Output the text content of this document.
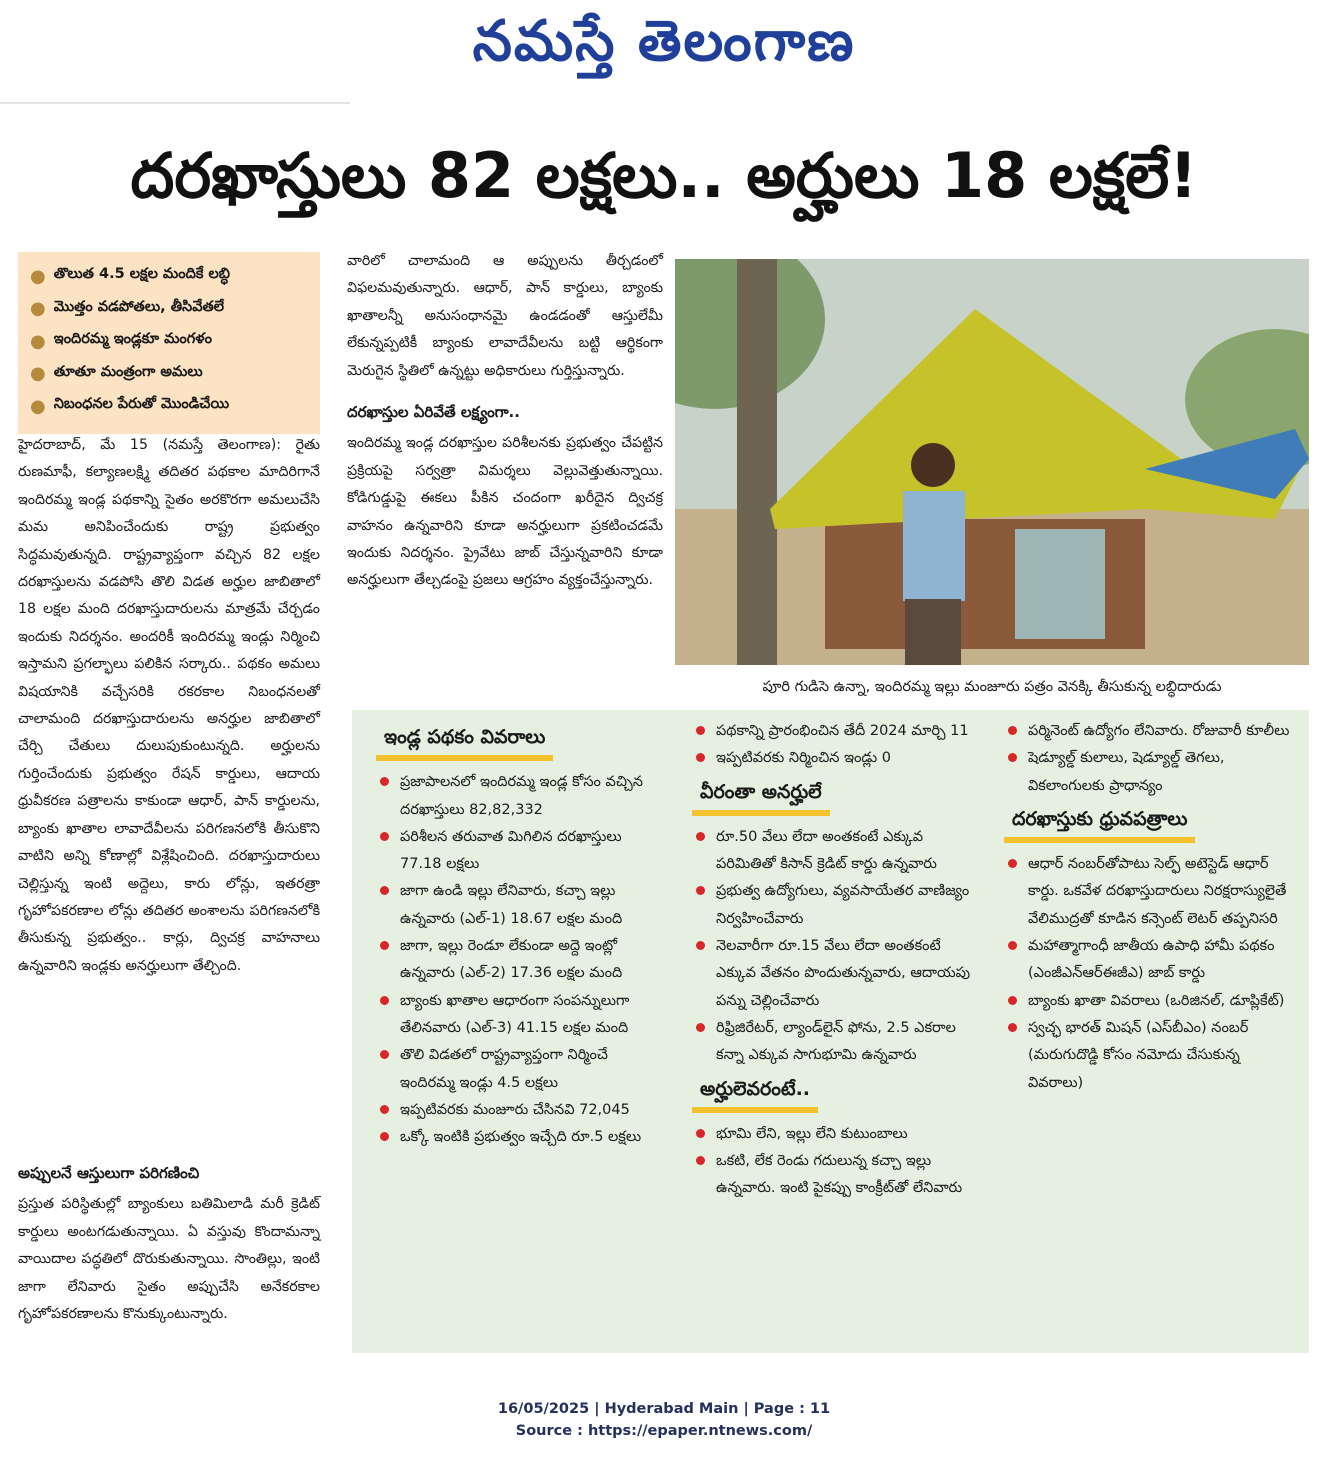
నమస్తే తెలంగాణ
దరఖాస్తులు 82 లక్షలు.. అర్హులు 18 లక్షలే!
● తొలుత 4.5 లక్షల మందికే లబ్ధి
● మొత్తం వడపోతలు, తీసివేతలే
● ఇందిరమ్మ ఇండ్లకూ మంగళం
● తూతూ మంత్రంగా అమలు
● నిబంధనల పేరుతో మొండిచేయి

హైదరాబాద్, మే 15 (నమస్తే తెలంగాణ): రైతు రుణమాఫీ, కల్యాణలక్ష్మి తదితర పథకాల మాదిరిగానే ఇందిరమ్మ ఇండ్ల పథకాన్ని సైతం అరకొరగా అమలుచేసి మమ అనిపించేందుకు రాష్ట్ర ప్రభుత్వం సిద్ధమవుతున్నది. రాష్ట్రవ్యాప్తంగా వచ్చిన 82 లక్షల దరఖాస్తులను వడపోసి తొలి విడత అర్హుల జాబితాలో 18 లక్షల మంది దరఖాస్తుదారులను మాత్రమే చేర్చడం ఇందుకు నిదర్శనం. అందరికీ ఇందిరమ్మ ఇండ్లు నిర్మించి ఇస్తామని ప్రగల్భాలు పలికిన సర్కారు.. పథకం అమలు విషయానికి వచ్చేసరికి రకరకాల నిబంధనలతో చాలామంది దరఖాస్తుదారులను అనర్హుల జాబితాలో చేర్చి చేతులు దులుపుకుంటున్నది. అర్హులను గుర్తించేందుకు ప్రభుత్వం రేషన్ కార్డులు, ఆదాయ ధ్రువీకరణ పత్రాలను కాకుండా ఆధార్, పాన్ కార్డులను, బ్యాంకు ఖాతాల లావాదేవీలను పరిగణనలోకి తీసుకొని వాటిని అన్ని కోణాల్లో విశ్లేషించింది. దరఖాస్తుదారులు చెల్లిస్తున్న ఇంటి అద్దెలు, కారు లోన్లు, ఇతరత్రా గృహోపకరణాల లోన్లు తదితర అంశాలను పరిగణనలోకి తీసుకున్న ప్రభుత్వం.. కార్లు, ద్విచక్ర వాహనాలు ఉన్నవారిని ఇండ్లకు అనర్హులుగా తేల్చింది.

అప్పులనే ఆస్తులుగా పరిగణించి

ప్రస్తుత పరిస్థితుల్లో బ్యాంకులు బతిమిలాడి మరీ క్రెడిట్ కార్డులు అంటగడుతున్నాయి. ఏ వస్తువు కొందామన్నా వాయిదాల పద్ధతిలో దొరుకుతున్నాయి. సొంతిల్లు, ఇంటి జాగా లేనివారు సైతం అప్పుచేసి అనేకరకాల గృహోపకరణాలను కొనుక్కుంటున్నారు.

వారిలో చాలామంది ఆ అప్పులను తీర్చడంలో విఫలమవుతున్నారు. ఆధార్, పాన్ కార్డులు, బ్యాంకు ఖాతాలన్నీ అనుసంధానమై ఉండడంతో ఆస్తులేమీ లేకున్నప్పటికీ బ్యాంకు లావాదేవీలను బట్టి ఆర్థికంగా మెరుగైన స్థితిలో ఉన్నట్టు అధికారులు గుర్తిస్తున్నారు.

దరఖాస్తుల ఏరివేతే లక్ష్యంగా..

ఇందిరమ్మ ఇండ్ల దరఖాస్తుల పరిశీలనకు ప్రభుత్వం చేపట్టిన ప్రక్రియపై సర్వత్రా విమర్శలు వెల్లువెత్తుతున్నాయి. కోడిగుడ్డుపై ఈకలు పీకిన చందంగా ఖరీదైన ద్విచక్ర వాహనం ఉన్నవారిని కూడా అనర్హులుగా ప్రకటించడమే ఇందుకు నిదర్శనం. ప్రైవేటు జాబ్ చేస్తున్నవారిని కూడా అనర్హులుగా తేల్చడంపై ప్రజలు ఆగ్రహం వ్యక్తంచేస్తున్నారు.

పూరి గుడిసె ఉన్నా, ఇందిరమ్మ ఇల్లు మంజూరు పత్రం వెనక్కి తీసుకున్న లబ్ధిదారుడు
ఇండ్ల పథకం వివరాలు
ప్రజాపాలనలో ఇందిరమ్మ ఇండ్ల కోసం వచ్చిన దరఖాస్తులు 82,82,332
పరిశీలన తరువాత మిగిలిన దరఖాస్తులు 77.18 లక్షలు
జాగా ఉండి ఇల్లు లేనివారు, కచ్చా ఇల్లు ఉన్నవారు (ఎల్-1) 18.67 లక్షల మంది
జాగా, ఇల్లు రెండూ లేకుండా అద్దె ఇంట్లో ఉన్నవారు (ఎల్-2) 17.36 లక్షల మంది
బ్యాంకు ఖాతాల ఆధారంగా సంపన్నులుగా తేలినవారు (ఎల్-3) 41.15 లక్షల మంది
తొలి విడతలో రాష్ట్రవ్యాప్తంగా నిర్మించే ఇందిరమ్మ ఇండ్లు 4.5 లక్షలు
ఇప్పటివరకు మంజూరు చేసినవి 72,045
ఒక్కో ఇంటికి ప్రభుత్వం ఇచ్చేది రూ.5 లక్షలు
పథకాన్ని ప్రారంభించిన తేదీ 2024 మార్చి 11
ఇప్పటివరకు నిర్మించిన ఇండ్లు 0
వీరంతా అనర్హులే
రూ.50 వేలు లేదా అంతకంటే ఎక్కువ పరిమితితో కిసాన్ క్రెడిట్ కార్డు ఉన్నవారు
ప్రభుత్వ ఉద్యోగులు, వ్యవసాయేతర వాణిజ్యం నిర్వహించేవారు
నెలవారీగా రూ.15 వేలు లేదా అంతకంటే ఎక్కువ వేతనం పొందుతున్నవారు, ఆదాయపు పన్ను చెల్లించేవారు
రిఫ్రిజిరేటర్, ల్యాండ్‌లైన్ ఫోను, 2.5 ఎకరాల కన్నా ఎక్కువ సాగుభూమి ఉన్నవారు
అర్హులెవరంటే..
భూమి లేని, ఇల్లు లేని కుటుంబాలు
ఒకటి, లేక రెండు గదులున్న కచ్చా ఇల్లు ఉన్నవారు. ఇంటి పైకప్పు కాంక్రీట్‌తో లేనివారు
పర్మినెంట్ ఉద్యోగం లేనివారు. రోజువారీ కూలీలు
షెడ్యూల్డ్ కులాలు, షెడ్యూల్డ్ తెగలు, వికలాంగులకు ప్రాధాన్యం
దరఖాస్తుకు ధ్రువపత్రాలు
ఆధార్ నంబర్‌తోపాటు సెల్ఫ్ అటెస్టెడ్ ఆధార్ కార్డు. ఒకవేళ దరఖాస్తుదారులు నిరక్షరాస్యులైతే వేలిముద్రతో కూడిన కన్సెంట్ లెటర్ తప్పనిసరి
మహాత్మాగాంధీ జాతీయ ఉపాధి హామీ పథకం (ఎంజీఎన్‌ఆర్‌ఈజీఎ) జాబ్ కార్డు
బ్యాంకు ఖాతా వివరాలు (ఒరిజినల్, డూప్లికేట్)
స్వచ్ఛ భారత్ మిషన్ (ఎస్‌బీఎం) నంబర్ (మరుగుదొడ్డి కోసం నమోదు చేసుకున్న వివరాలు)
16/05/2025 | Hyderabad Main | Page : 11
Source : https://epaper.ntnews.com/
